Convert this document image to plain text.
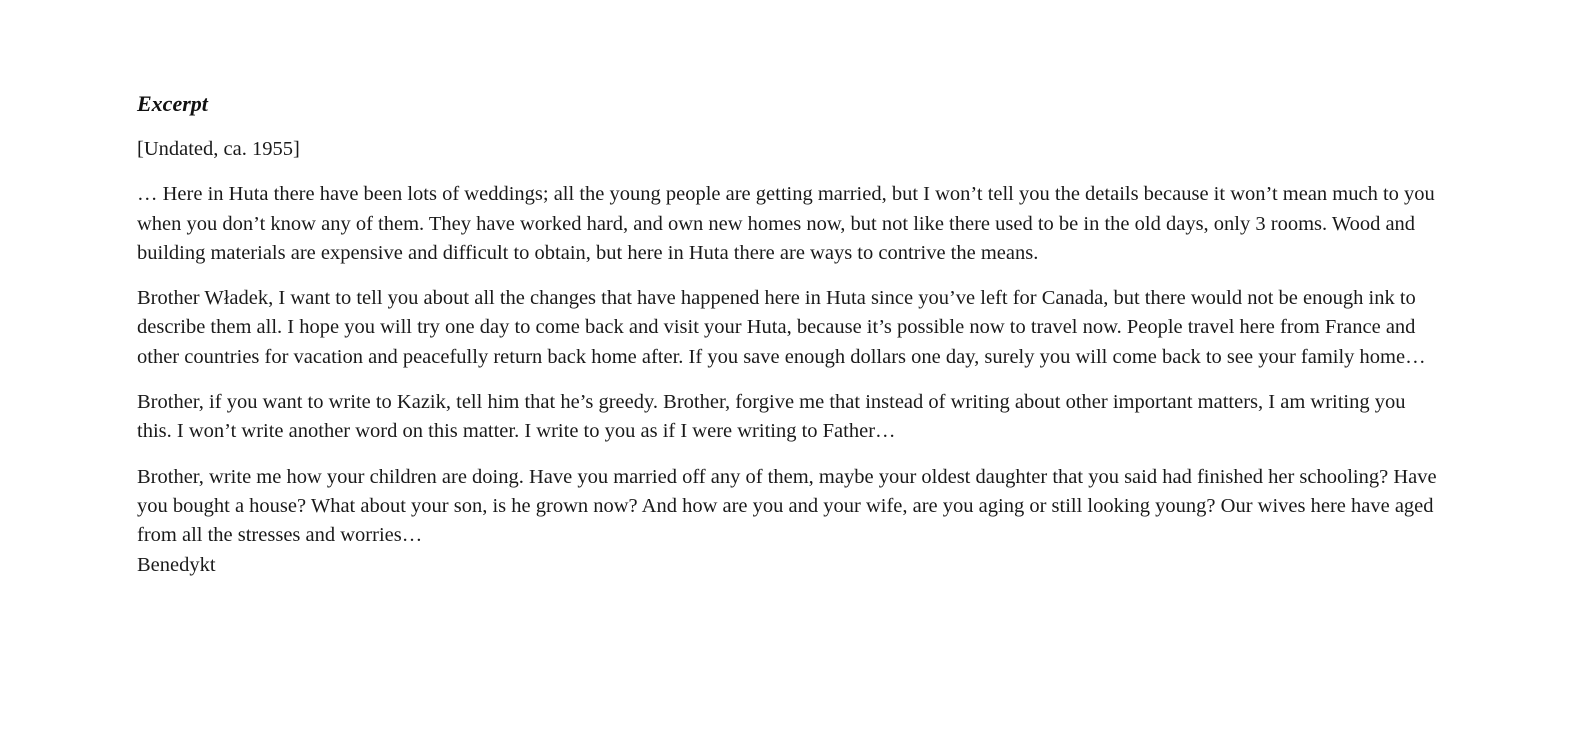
Excerpt

[Undated, ca. 1955]

… Here in Huta there have been lots of weddings; all the young people are getting married, but I won’t tell you the details because it won’t mean much to you when you don’t know any of them. They have worked hard, and own new homes now, but not like there used to be in the old days, only 3 rooms. Wood and building materials are expensive and difficult to obtain, but here in Huta there are ways to contrive the means.

Brother Władek, I want to tell you about all the changes that have happened here in Huta since you’ve left for Canada, but there would not be enough ink to describe them all. I hope you will try one day to come back and visit your Huta, because it’s possible now to travel now. People travel here from France and other countries for vacation and peacefully return back home after. If you save enough dollars one day, surely you will come back to see your family home…

Brother, if you want to write to Kazik, tell him that he’s greedy. Brother, forgive me that instead of writing about other important matters, I am writing you this. I won’t write another word on this matter. I write to you as if I were writing to Father…

Brother, write me how your children are doing. Have you married off any of them, maybe your oldest daughter that you said had finished her schooling? Have you bought a house? What about your son, is he grown now? And how are you and your wife, are you aging or still looking young? Our wives here have aged from all the stresses and worries…

Benedykt
